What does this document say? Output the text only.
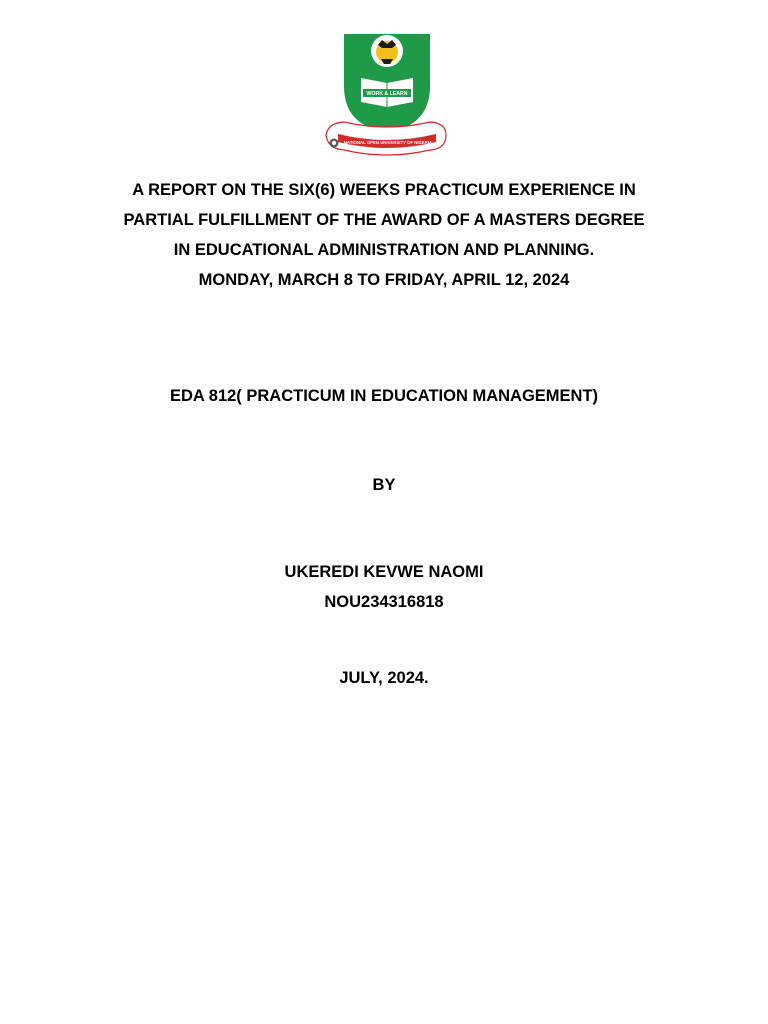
WORK & LEARN
NATIONAL OPEN UNIVERSITY OF NIGERIA
A REPORT ON THE SIX(6) WEEKS PRACTICUM EXPERIENCE IN
PARTIAL FULFILLMENT OF THE AWARD OF A MASTERS DEGREE
IN EDUCATIONAL ADMINISTRATION AND PLANNING.
MONDAY, MARCH 8 TO FRIDAY, APRIL 12, 2024
EDA 812( PRACTICUM IN EDUCATION MANAGEMENT)
BY
UKEREDI KEVWE NAOMI
NOU234316818
JULY, 2024.
